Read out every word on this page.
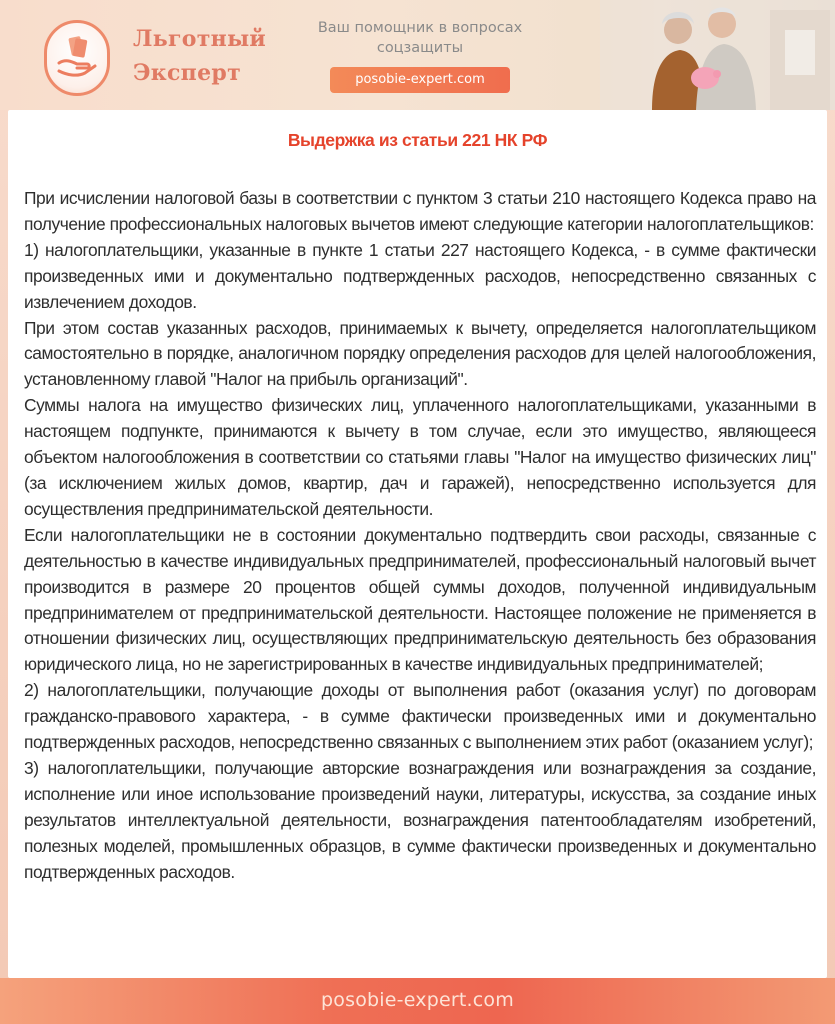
Льготный
Эксперт
Ваш помощник в вопросах соцзащиты
posobie-expert.com
Выдержка из статьи 221 НК РФ

При исчислении налоговой базы в соответствии с пунктом 3 статьи 210 настоящего Кодекса право на получение профессиональных налоговых вычетов имеют следующие категории налогоплательщиков:

1) налогоплательщики, указанные в пункте 1 статьи 227 настоящего Кодекса, - в сумме фактически произведенных ими и документально подтвержденных расходов, непосредственно связанных с извлечением доходов.

При этом состав указанных расходов, принимаемых к вычету, определяется налогоплательщиком самостоятельно в порядке, аналогичном порядку определения расходов для целей налогообложения, установленному главой "Налог на прибыль организаций".

Суммы налога на имущество физических лиц, уплаченного налогоплательщиками, указанными в настоящем подпункте, принимаются к вычету в том случае, если это имущество, являющееся объектом налогообложения в соответствии со статьями главы "Налог на имущество физических лиц" (за исключением жилых домов, квартир, дач и гаражей), непосредственно используется для осуществления предпринимательской деятельности.

Если налогоплательщики не в состоянии документально подтвердить свои расходы, связанные с деятельностью в качестве индивидуальных предпринимателей, профессиональный налоговый вычет производится в размере 20 процентов общей суммы доходов, полученной индивидуальным предпринимателем от предпринимательской деятельности. Настоящее положение не применяется в отношении физических лиц, осуществляющих предпринимательскую деятельность без образования юридического лица, но не зарегистрированных в качестве индивидуальных предпринимателей;

2) налогоплательщики, получающие доходы от выполнения работ (оказания услуг) по договорам гражданско-правового характера, - в сумме фактически произведенных ими и документально подтвержденных расходов, непосредственно связанных с выполнением этих работ (оказанием услуг);

3) налогоплательщики, получающие авторские вознаграждения или вознаграждения за создание, исполнение или иное использование произведений науки, литературы, искусства, за создание иных результатов интеллектуальной деятельности, вознаграждения патентообладателям изобретений, полезных моделей, промышленных образцов, в сумме фактически произведенных и документально подтвержденных расходов.

posobie-expert.com
